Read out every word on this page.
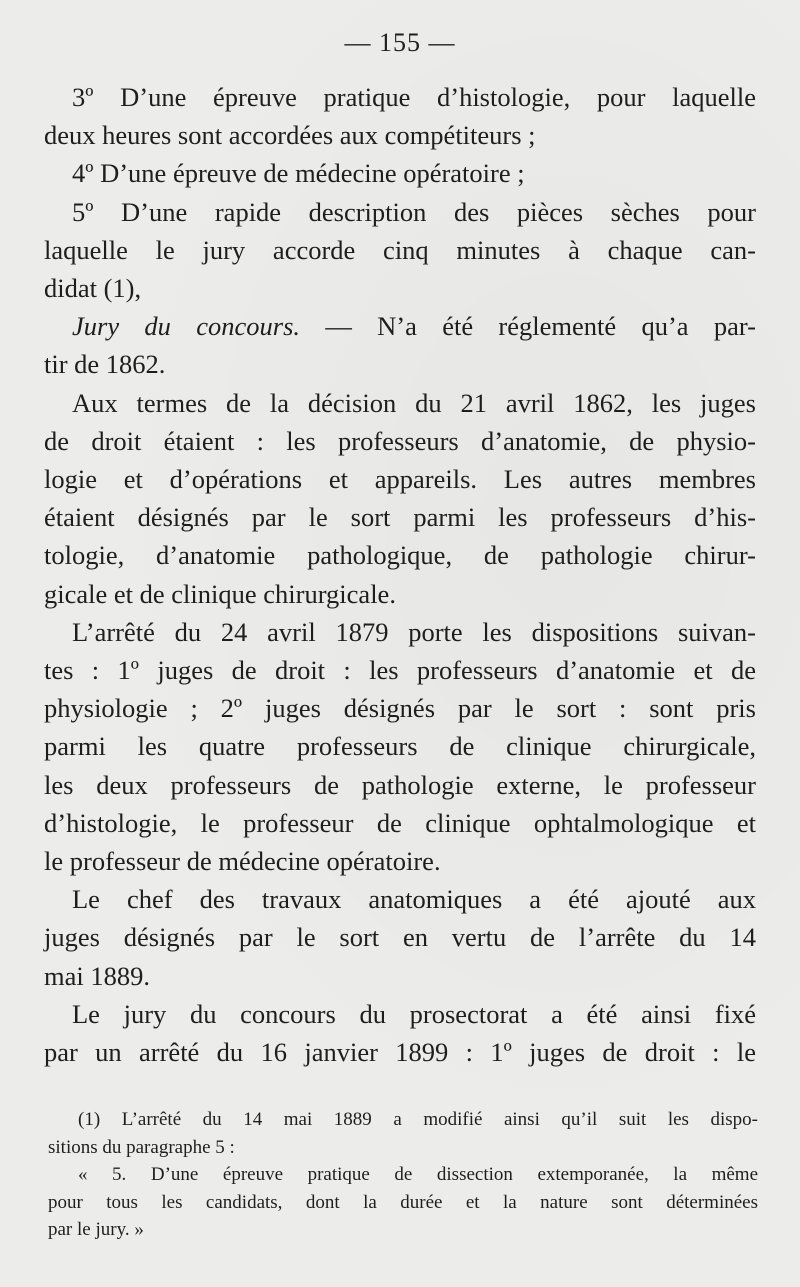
— 155 —
3º D’une épreuve pratique d’histologie, pour laquelle
deux heures sont accordées aux compétiteurs ;
4º D’une épreuve de médecine opératoire ;
5º D’une rapide description des pièces sèches pour
laquelle le jury accorde cinq minutes à chaque can-
didat (1),
Jury du concours. — N’a été réglementé qu’a par-
tir de 1862.
Aux termes de la décision du 21 avril 1862, les juges
de droit étaient : les professeurs d’anatomie, de physio-
logie et d’opérations et appareils. Les autres membres
étaient désignés par le sort parmi les professeurs d’his-
tologie, d’anatomie pathologique, de pathologie chirur-
gicale et de clinique chirurgicale.
L’arrêté du 24 avril 1879 porte les dispositions suivan-
tes : 1º juges de droit : les professeurs d’anatomie et de
physiologie ; 2º juges désignés par le sort : sont pris
parmi les quatre professeurs de clinique chirurgicale,
les deux professeurs de pathologie externe, le professeur
d’histologie, le professeur de clinique ophtalmologique et
le professeur de médecine opératoire.
Le chef des travaux anatomiques a été ajouté aux
juges désignés par le sort en vertu de l’arrête du 14
mai 1889.
Le jury du concours du prosectorat a été ainsi fixé
par un arrêté du 16 janvier 1899 : 1º juges de droit : le
(1) L’arrêté du 14 mai 1889 a modifié ainsi qu’il suit les dispo-
sitions du paragraphe 5 :
« 5. D’une épreuve pratique de dissection extemporanée, la même
pour tous les candidats, dont la durée et la nature sont déterminées
par le jury. »
